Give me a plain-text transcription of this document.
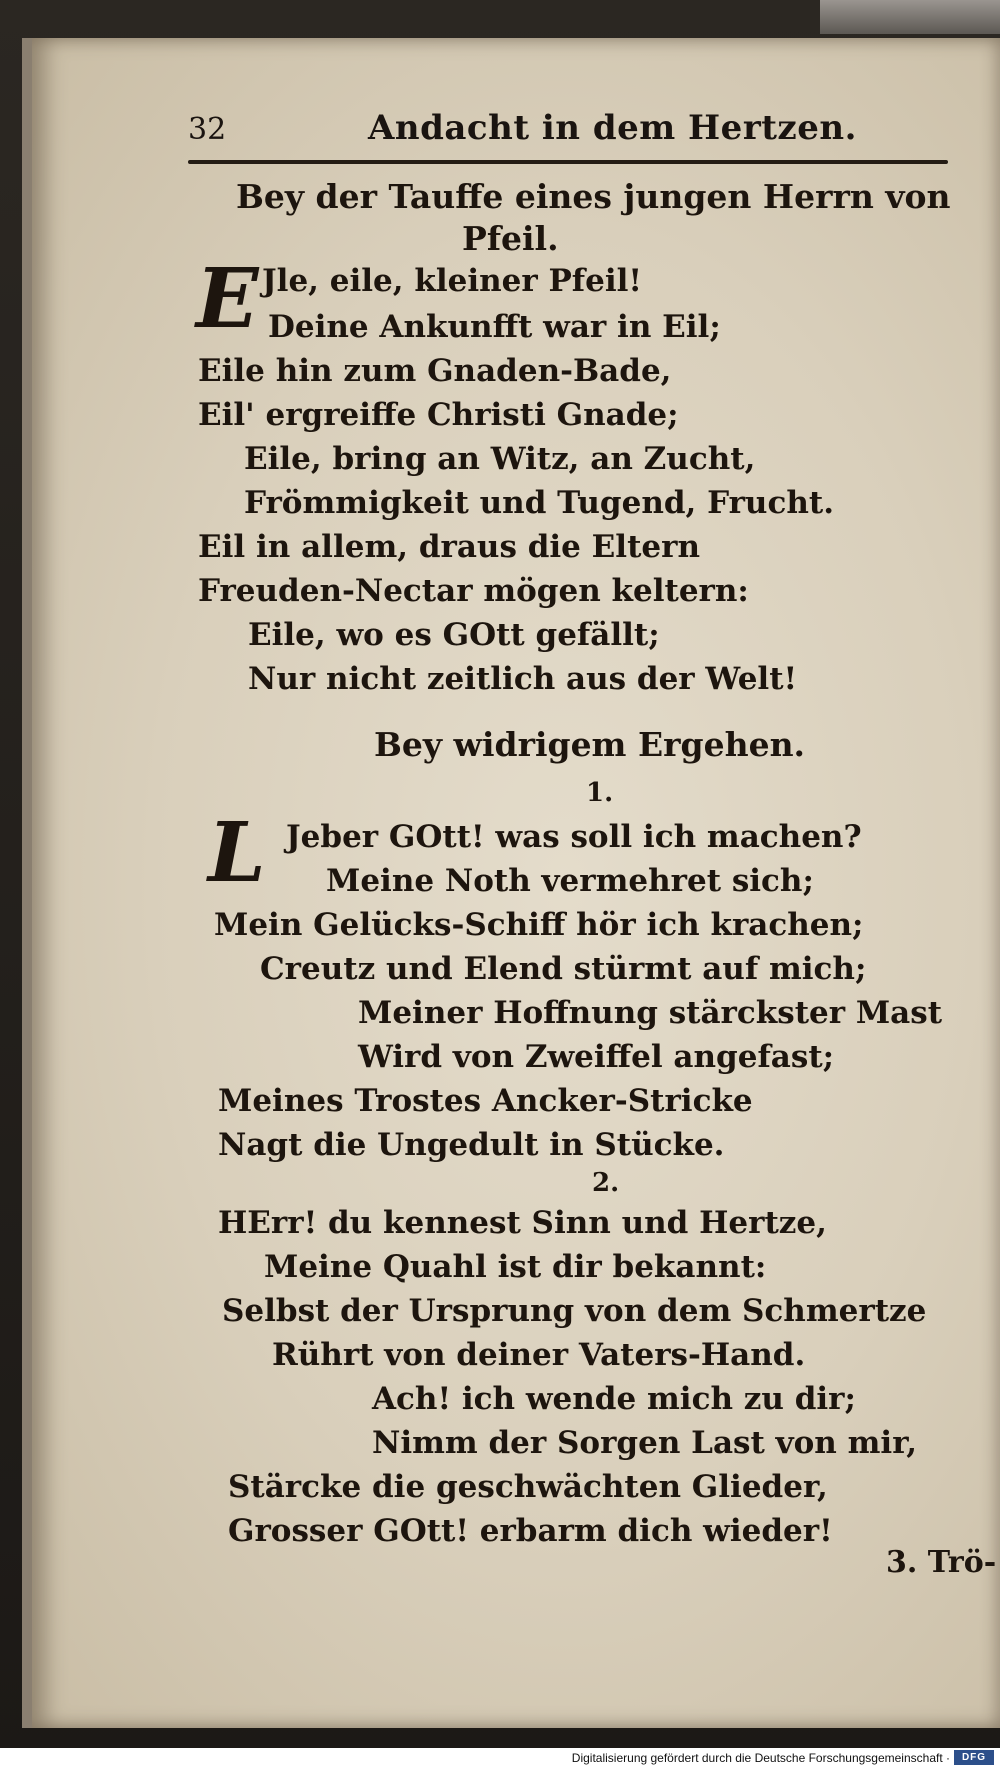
32	Andacht in dem Hertzen.
Bey der Tauffe eines jungen Herrn von
Pfeil.
E Jle, eile, kleiner Pfeil!
Deine Ankunfft war in Eil;
Eile hin zum Gnaden-Bade,
Eil' ergreiffe Christi Gnade;
Eile, bring an Witz, an Zucht,
Frömmigkeit und Tugend, Frucht.
Eil in allem, draus die Eltern
Freuden-Nectar mögen keltern:
Eile, wo es GOtt gefällt;
Nur nicht zeitlich aus der Welt!
Bey widrigem Ergehen.
1.
L Jeber GOtt! was soll ich machen?
Meine Noth vermehret sich;
Mein Gelücks-Schiff hör ich krachen;
Creutz und Elend stürmt auf mich;
Meiner Hoffnung stärckster Mast
Wird von Zweiffel angefast;
Meines Trostes Ancker-Stricke
Nagt die Ungedult in Stücke.
2.
HErr! du kennest Sinn und Hertze,
Meine Quahl ist dir bekannt:
Selbst der Ursprung von dem Schmertze
Rührt von deiner Vaters-Hand.
Ach! ich wende mich zu dir;
Nimm der Sorgen Last von mir,
Stärcke die geschwächten Glieder,
Grosser GOtt! erbarm dich wieder!
3. Trö-
Digitalisierung gefördert durch die Deutsche Forschungsgemeinschaft ·	DFG
